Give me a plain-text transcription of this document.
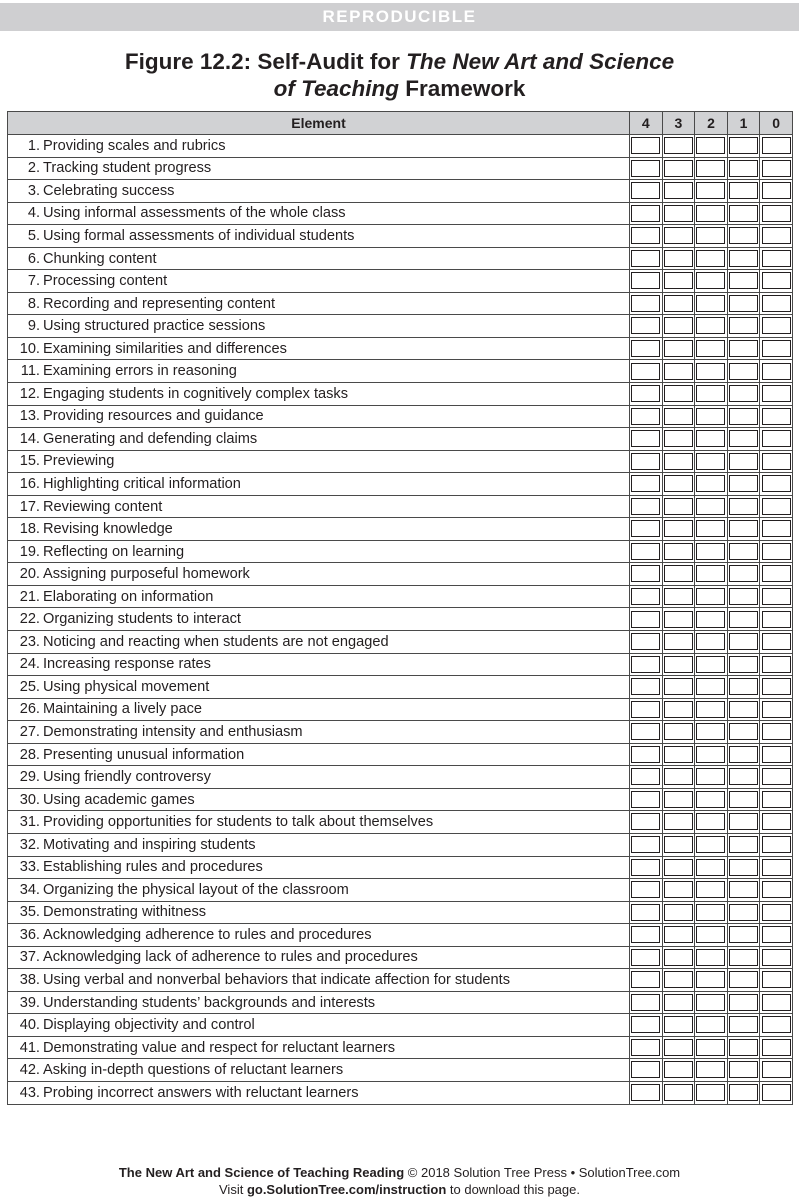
REPRODUCIBLE
Figure 12.2: Self-Audit for The New Art and Science
of Teaching Framework
Element	4	3	2	1	0
1. Providing scales and rubrics					
2. Tracking student progress					
3. Celebrating success					
4. Using informal assessments of the whole class					
5. Using formal assessments of individual students					
6. Chunking content					
7. Processing content					
8. Recording and representing content					
9. Using structured practice sessions					
10. Examining similarities and differences					
11. Examining errors in reasoning					
12. Engaging students in cognitively complex tasks					
13. Providing resources and guidance					
14. Generating and defending claims					
15. Previewing					
16. Highlighting critical information					
17. Reviewing content					
18. Revising knowledge					
19. Reflecting on learning					
20. Assigning purposeful homework					
21. Elaborating on information					
22. Organizing students to interact					
23. Noticing and reacting when students are not engaged					
24. Increasing response rates					
25. Using physical movement					
26. Maintaining a lively pace					
27. Demonstrating intensity and enthusiasm					
28. Presenting unusual information					
29. Using friendly controversy					
30. Using academic games					
31. Providing opportunities for students to talk about themselves					
32. Motivating and inspiring students					
33. Establishing rules and procedures					
34. Organizing the physical layout of the classroom					
35. Demonstrating withitness					
36. Acknowledging adherence to rules and procedures					
37. Acknowledging lack of adherence to rules and procedures					
38. Using verbal and nonverbal behaviors that indicate affection for students					
39. Understanding students’ backgrounds and interests					
40. Displaying objectivity and control					
41. Demonstrating value and respect for reluctant learners					
42. Asking in-depth questions of reluctant learners					
43. Probing incorrect answers with reluctant learners					
The New Art and Science of Teaching Reading © 2018 Solution Tree Press • SolutionTree.com
Visit go.SolutionTree.com/instruction to download this page.
